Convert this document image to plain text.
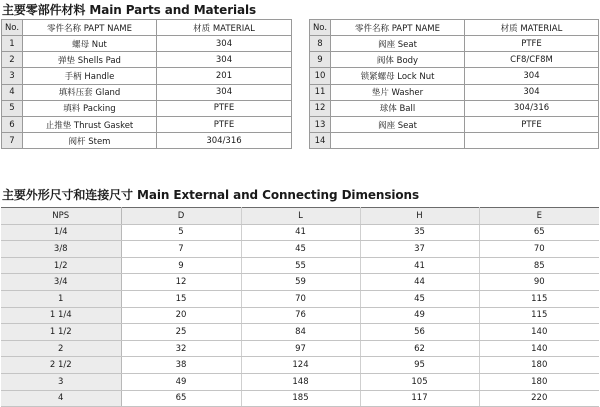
主要零部件材料 Main Parts and Materials
No.	零件名称 PAPT NAME	材质 MATERIAL
1	螺母 Nut	304
2	弹垫 Shells Pad	304
3	手柄 Handle	201
4	填料压套 Gland	304
5	填料 Packing	PTFE
6	止推垫 Thrust Gasket	PTFE
7	阀杆 Stem	304/316
No.	零件名称 PAPT NAME	材质 MATERIAL
8	阀座 Seat	PTFE
9	阀体 Body	CF8/CF8M
10	锁紧螺母 Lock Nut	304
11	垫片 Washer	304
12	球体 Ball	304/316
13	阀座 Seat	PTFE
14		
主要外形尺寸和连接尺寸 Main External and Connecting Dimensions
NPS	D	L	H	E
1/4	5	41	35	65
3/8	7	45	37	70
1/2	9	55	41	85
3/4	12	59	44	90
1	15	70	45	115
1 1/4	20	76	49	115
1 1/2	25	84	56	140
2	32	97	62	140
2 1/2	38	124	95	180
3	49	148	105	180
4	65	185	117	220
